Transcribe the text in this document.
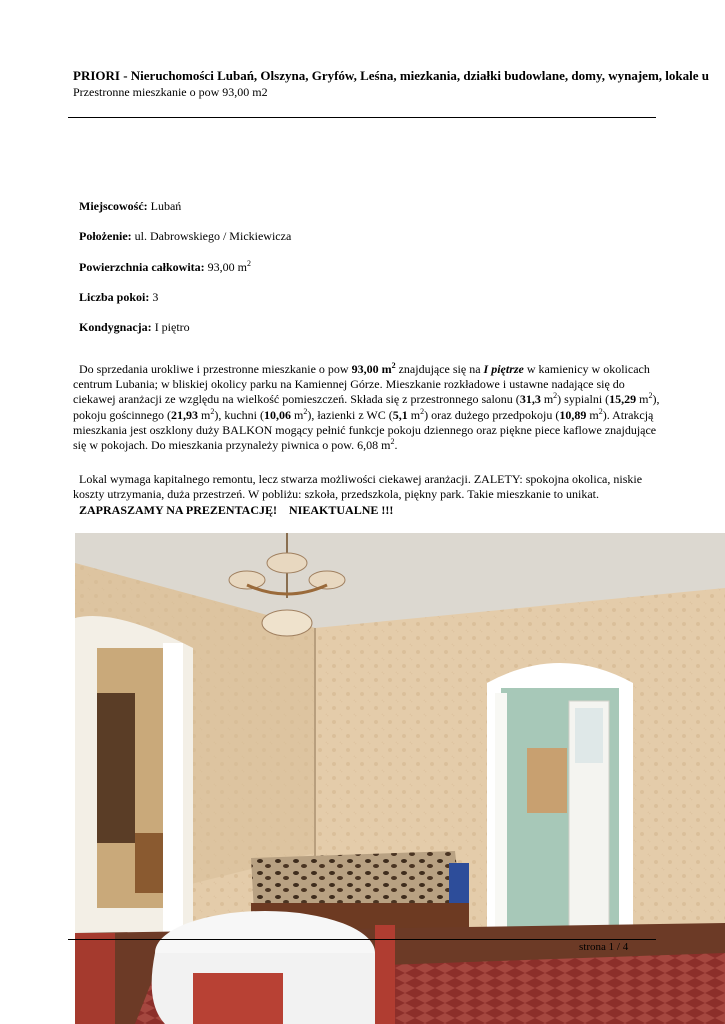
PRIORI - Nieruchomości Lubań, Olszyna, Gryfów, Leśna, miezkania, działki budowlane, domy, wynajem, lokale u
Przestronne mieszkanie o pow 93,00 m2
Miejscowość: Lubań
Położenie: ul. Dabrowskiego / Mickiewicza
Powierzchnia całkowita: 93,00 $m^2$
Liczba pokoi: 3
Kondygnacja: I piętro
Do sprzedania urokliwe i przestronne mieszkanie o pow 93,00 $m^2$ znajdujące się na I piętrze w kamienicy w okolicach centrum Lubania; w bliskiej okolicy parku na Kamiennej Górze. Mieszkanie rozkładowe i ustawne nadające się do ciekawej aranżacji ze względu na wielkość pomieszczeń. Składa się z przestronnego salonu (31,3 $m^2$) sypialni (15,29 $m^2$), pokoju gościnnego (21,93 $m^2$), kuchni (10,06 $m^2$), łazienki z WC (5,1 $m^2$) oraz dużego przedpokoju (10,89 $m^2$). Atrakcją mieszkania jest oszklony duży BALKON mogący pełnić funkcje pokoju dziennego oraz piękne piece kaflowe znajdujące się w pokojach. Do mieszkania przynależy piwnica o pow. 6,08 $m^2$.
Lokal wymaga kapitalnego remontu, lecz stwarza możliwości ciekawej aranżacji. ZALETY: spokojna okolica, niskie koszty utrzymania, duża przestrzeń. W pobliżu: szkoła, przedszkola, piękny park. Takie mieszkanie to unikat.
ZAPRASZAMY NA PREZENTACJĘ!    NIEAKTUALNE !!!
strona 1 / 4
